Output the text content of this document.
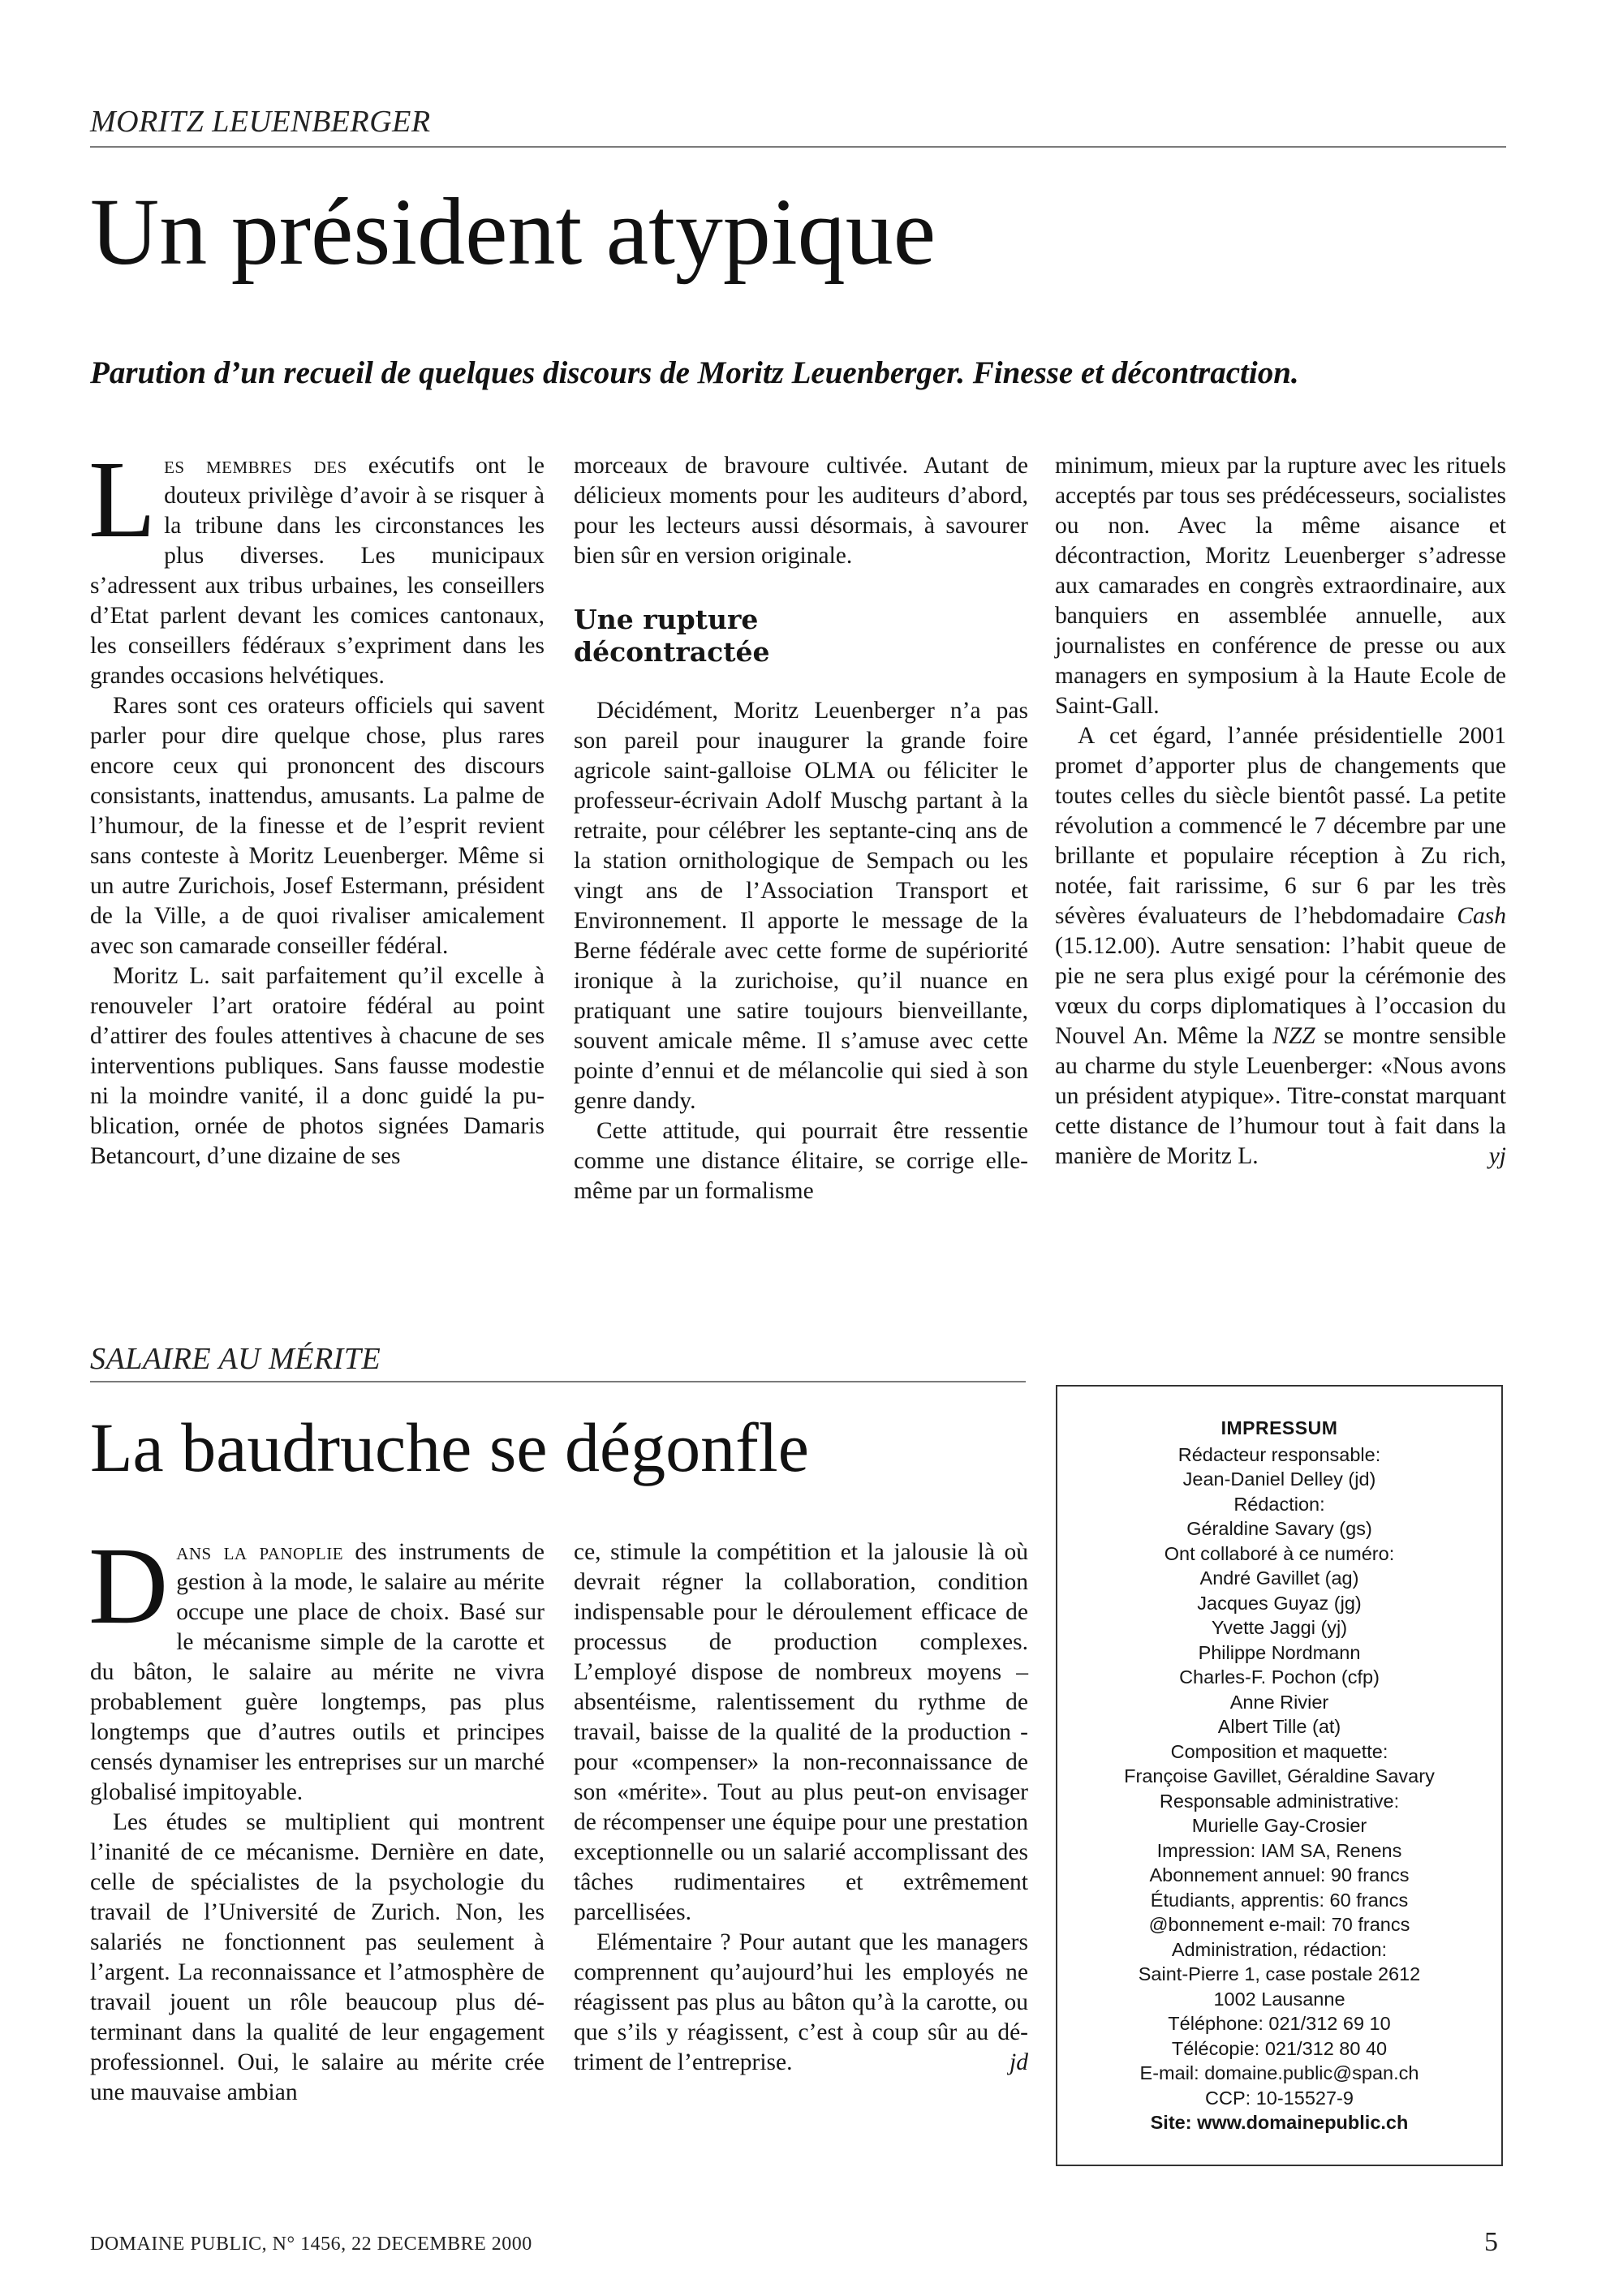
MORITZ LEUENBERGER
Un président atypique
Parution d’un recueil de quelques discours de Moritz Leuenberger. Finesse et décontraction.

Les membres des exécutifs ont le douteux privilège d’avoir à se risquer à la tribune dans les circonstances les plus diverses. Les municipaux s’adressent aux tribus urbaines, les conseillers d’Etat parlent devant les comices cantonaux, les conseillers fédéraux s’expriment dans les grandes occasions helvétiques.

Rares sont ces orateurs officiels qui savent parler pour dire quelque chose, plus rares encore ceux qui prononcent des discours consistants, inattendus, amusants. La palme de l’humour, de la finesse et de l’esprit revient sans conteste à Moritz Leuenberger. Même si un autre Zurichois, Josef Estermann, président de la Ville, a de quoi rivaliser amicalement avec son camarade conseiller fédéral.

Moritz L. sait parfaitement qu’il excelle à renouveler l’art oratoire fédéral au point d’attirer des foules attentives à chacune de ses interventions publiques. Sans fausse modestie ni la moindre vanité, il a donc guidé la publication, ornée de photos signées Damaris Betancourt, d’une dizaine de ses

morceaux de bravoure cultivée. Autant de délicieux moments pour les auditeurs d’abord, pour les lecteurs aussi désormais, à savourer bien sûr en version originale.

Une rupture décontractée

Décidément, Moritz Leuenberger n’a pas son pareil pour inaugurer la grande foire agricole saint-galloise OLMA ou féliciter le professeur-écrivain Adolf Muschg partant à la retraite, pour célébrer les septante-cinq ans de la station ornithologique de Sempach ou les vingt ans de l’Association Transport et Environnement. Il apporte le message de la Berne fédérale avec cette forme de supériorité ironique à la zurichoise, qu’il nuance en pratiquant une satire toujours bienveillante, souvent amicale même. Il s’amuse avec cette pointe d’ennui et de mélancolie qui sied à son genre dandy.

Cette attitude, qui pourrait être ressentie comme une distance élitaire, se corrige elle-même par un formalisme

minimum, mieux par la rupture avec les rituels acceptés par tous ses prédécesseurs, socialistes ou non. Avec la même aisance et décontraction, Moritz Leuenberger s’adresse aux camarades en congrès extraordinaire, aux banquiers en assemblée annuelle, aux journalistes en conférence de presse ou aux managers en symposium à la Haute Ecole de Saint-Gall.

A cet égard, l’année présidentielle 2001 promet d’apporter plus de changements que toutes celles du siècle bientôt passé. La petite révolution a commencé le 7 décembre par une brillante et populaire réception à Zu rich, notée, fait rarissime, 6 sur 6 par les très sévères évaluateurs de l’hebdomadaire Cash (15.12.00). Autre sensation: l’habit queue de pie ne sera plus exigé pour la cérémonie des vœux du corps diplomatiques à l’occasion du Nouvel An. Même la NZZ se montre sensible au charme du style Leuenberger: «Nous avons un président atypique». Titre-constat marquant cette distance de l’humour tout à fait dans la manière de Moritz L.	yj

SALAIRE AU MÉRITE
La baudruche se dégonfle

Dans la panoplie des instruments de gestion à la mode, le salaire au mérite occupe une place de choix. Basé sur le mécanisme simple de la carotte et du bâton, le salaire au mérite ne vivra probablement guère longtemps, pas plus longtemps que d’autres outils et principes censés dynamiser les entreprises sur un marché globalisé impitoyable.

Les études se multiplient qui montrent l’inanité de ce mécanisme. Dernière en date, celle de spécialistes de la psychologie du travail de l’Université de Zurich. Non, les salariés ne fonctionnent pas seulement à l’argent. La reconnaissance et l’atmosphère de travail jouent un rôle beaucoup plus déterminant dans la qualité de leur engagement professionnel. Oui, le salaire au mérite crée une mauvaise ambian

ce, stimule la compétition et la jalousie là où devrait régner la collaboration, condition indispensable pour le déroulement efficace de processus de production complexes. L’employé dispose de nombreux moyens – absentéisme, ralentissement du rythme de travail, baisse de la qualité de la production - pour «compenser» la non-reconnaissance de son «mérite». Tout au plus peut-on envisager de récompenser une équipe pour une prestation exceptionnelle ou un salarié accomplissant des tâches rudimentaires et extrêmement parcellisées.

Elémentaire ? Pour autant que les managers comprennent qu’aujourd’hui les employés ne réagissent pas plus au bâton qu’à la carotte, ou que s’ils y réagissent, c’est à coup sûr au détriment de l’entreprise.	jd

IMPRESSUM
Rédacteur responsable:
Jean-Daniel Delley (jd)
Rédaction:
Géraldine Savary (gs)
Ont collaboré à ce numéro:
André Gavillet (ag)
Jacques Guyaz (jg)
Yvette Jaggi (yj)
Philippe Nordmann
Charles-F. Pochon (cfp)
Anne Rivier
Albert Tille (at)
Composition et maquette:
Françoise Gavillet, Géraldine Savary
Responsable administrative:
Murielle Gay-Crosier
Impression: IAM SA, Renens
Abonnement annuel: 90 francs
Étudiants, apprentis: 60 francs
@bonnement e-mail: 70 francs
Administration, rédaction:
Saint-Pierre 1, case postale 2612
1002 Lausanne
Téléphone: 021/312 69 10
Télécopie: 021/312 80 40
E-mail: domaine.public@span.ch
CCP: 10-15527-9
Site: www.domainepublic.ch
DOMAINE PUBLIC, N° 1456, 22 DECEMBRE 2000	5
